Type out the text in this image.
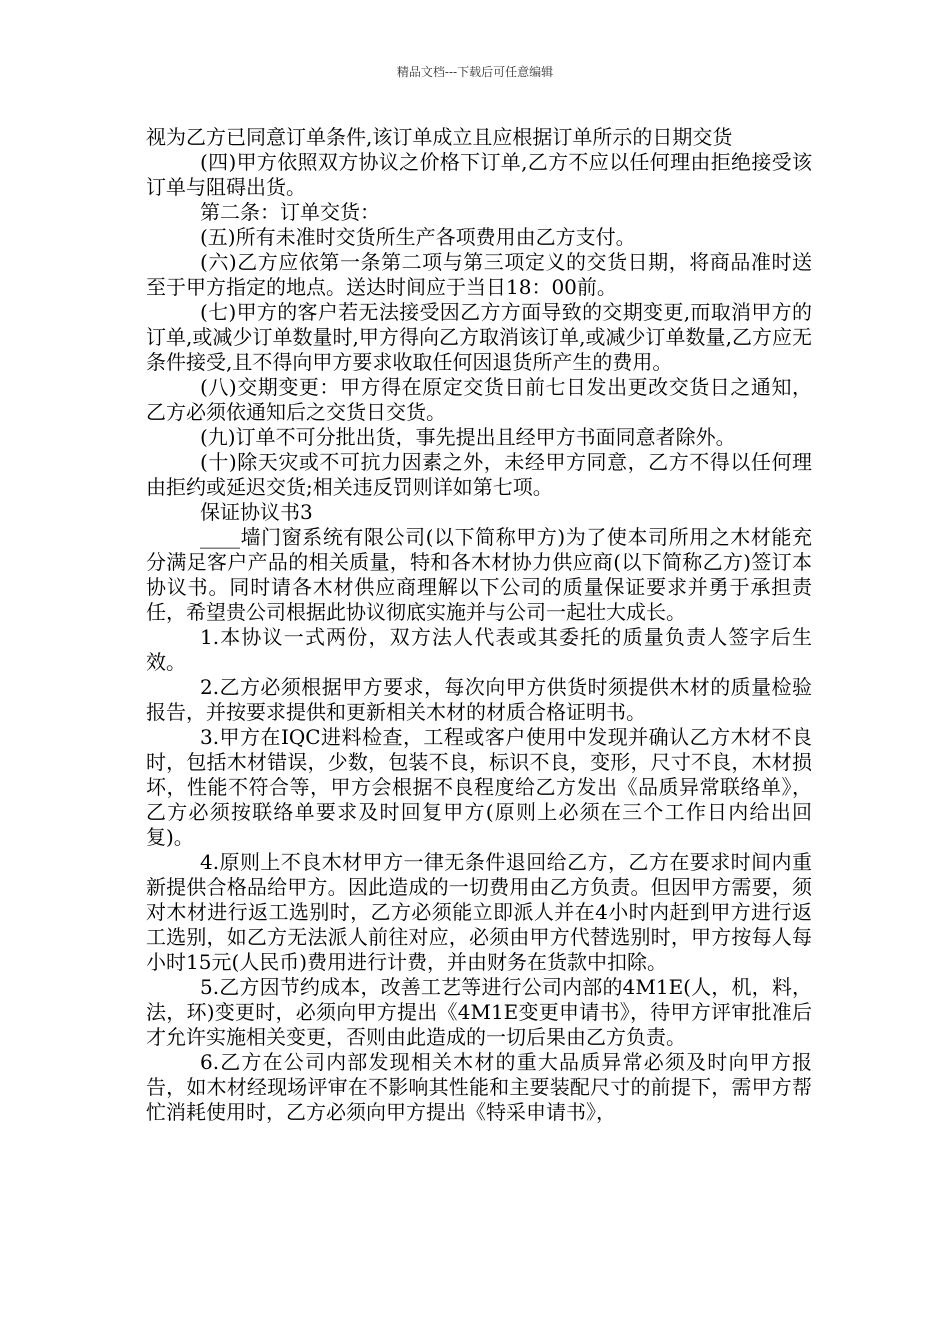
精品文档---下载后可任意编辑

视为乙方已同意订单条件,该订单成立且应根据订单所示的日期交货

(四)甲方依照双方协议之价格下订单,乙方不应以任何理由拒绝接受该订单与阻碍出货。

第二条：订单交货：

(五)所有未准时交货所生产各项费用由乙方支付。

(六)乙方应依第一条第二项与第三项定义的交货日期，将商品准时送至于甲方指定的地点。送达时间应于当日18：00前。

(七)甲方的客户若无法接受因乙方方面导致的交期变更,而取消甲方的订单,或减少订单数量时,甲方得向乙方取消该订单,或减少订单数量,乙方应无条件接受,且不得向甲方要求收取任何因退货所产生的费用。

(八)交期变更：甲方得在原定交货日前七日发出更改交货日之通知，乙方必须依通知后之交货日交货。

(九)订单不可分批出货，事先提出且经甲方书面同意者除外。

(十)除天灾或不可抗力因素之外，未经甲方同意，乙方不得以任何理由拒约或延迟交货;相关违反罚则详如第七项。

保证协议书3

____墙门窗系统有限公司(以下简称甲方)为了使本司所用之木材能充分满足客户产品的相关质量，特和各木材协力供应商(以下简称乙方)签订本协议书。同时请各木材供应商理解以下公司的质量保证要求并勇于承担责任，希望贵公司根据此协议彻底实施并与公司一起壮大成长。

1.本协议一式两份，双方法人代表或其委托的质量负责人签字后生效。

2.乙方必须根据甲方要求，每次向甲方供货时须提供木材的质量检验报告，并按要求提供和更新相关木材的材质合格证明书。

3.甲方在IQC进料检查，工程或客户使用中发现并确认乙方木材不良时，包括木材错误，少数，包装不良，标识不良，变形，尺寸不良，木材损坏，性能不符合等，甲方会根据不良程度给乙方发出《品质异常联络单》，乙方必须按联络单要求及时回复甲方(原则上必须在三个工作日内给出回复)。

4.原则上不良木材甲方一律无条件退回给乙方，乙方在要求时间内重新提供合格品给甲方。因此造成的一切费用由乙方负责。但因甲方需要，须对木材进行返工选别时，乙方必须能立即派人并在4小时内赶到甲方进行返工选别，如乙方无法派人前往对应，必须由甲方代替选别时，甲方按每人每小时15元(人民币)费用进行计费，并由财务在货款中扣除。

5.乙方因节约成本，改善工艺等进行公司内部的4M1E(人，机，料，法，环)变更时，必须向甲方提出《4M1E变更申请书》，待甲方评审批准后才允许实施相关变更，否则由此造成的一切后果由乙方负责。

6.乙方在公司内部发现相关木材的重大品质异常必须及时向甲方报告，如木材经现场评审在不影响其性能和主要装配尺寸的前提下，需甲方帮忙消耗使用时，乙方必须向甲方提出《特采申请书》，
